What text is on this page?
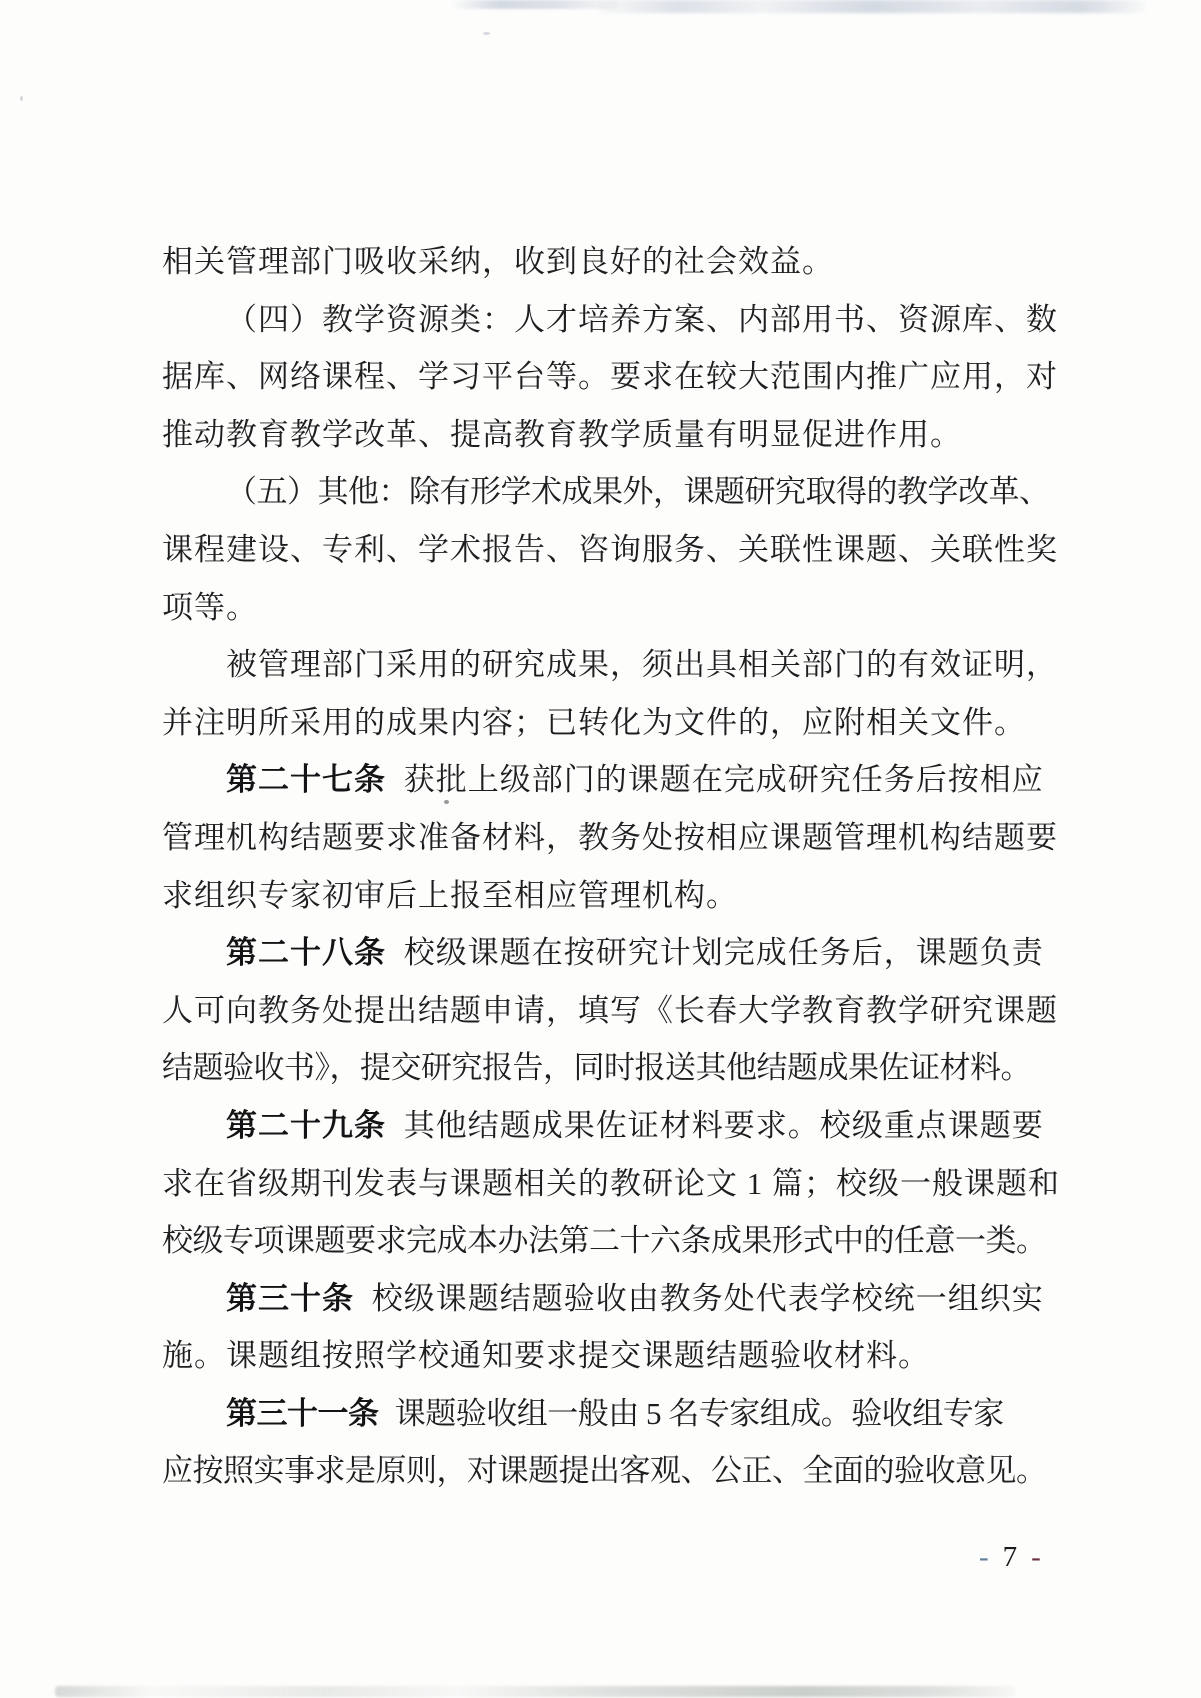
相关管理部门吸收采纳，收到良好的社会效益。
（四）教学资源类：人才培养方案、内部用书、资源库、数
据库、网络课程、学习平台等。要求在较大范围内推广应用，对
推动教育教学改革、提高教育教学质量有明显促进作用。
（五）其他：除有形学术成果外，课题研究取得的教学改革、
课程建设、专利、学术报告、咨询服务、关联性课题、关联性奖
项等。
被管理部门采用的研究成果，须出具相关部门的有效证明，
并注明所采用的成果内容；已转化为文件的，应附相关文件。
第二十七条 获批上级部门的课题在完成研究任务后按相应
管理机构结题要求准备材料，教务处按相应课题管理机构结题要
求组织专家初审后上报至相应管理机构。
第二十八条 校级课题在按研究计划完成任务后，课题负责
人可向教务处提出结题申请，填写《长春大学教育教学研究课题
结题验收书》，提交研究报告，同时报送其他结题成果佐证材料。
第二十九条 其他结题成果佐证材料要求。校级重点课题要
求在省级期刊发表与课题相关的教研论文 1 篇；校级一般课题和
校级专项课题要求完成本办法第二十六条成果形式中的任意一类。
第三十条 校级课题结题验收由教务处代表学校统一组织实
施。课题组按照学校通知要求提交课题结题验收材料。
第三十一条 课题验收组一般由 5 名专家组成。验收组专家
应按照实事求是原则，对课题提出客观、公正、全面的验收意见。
- 7 -
